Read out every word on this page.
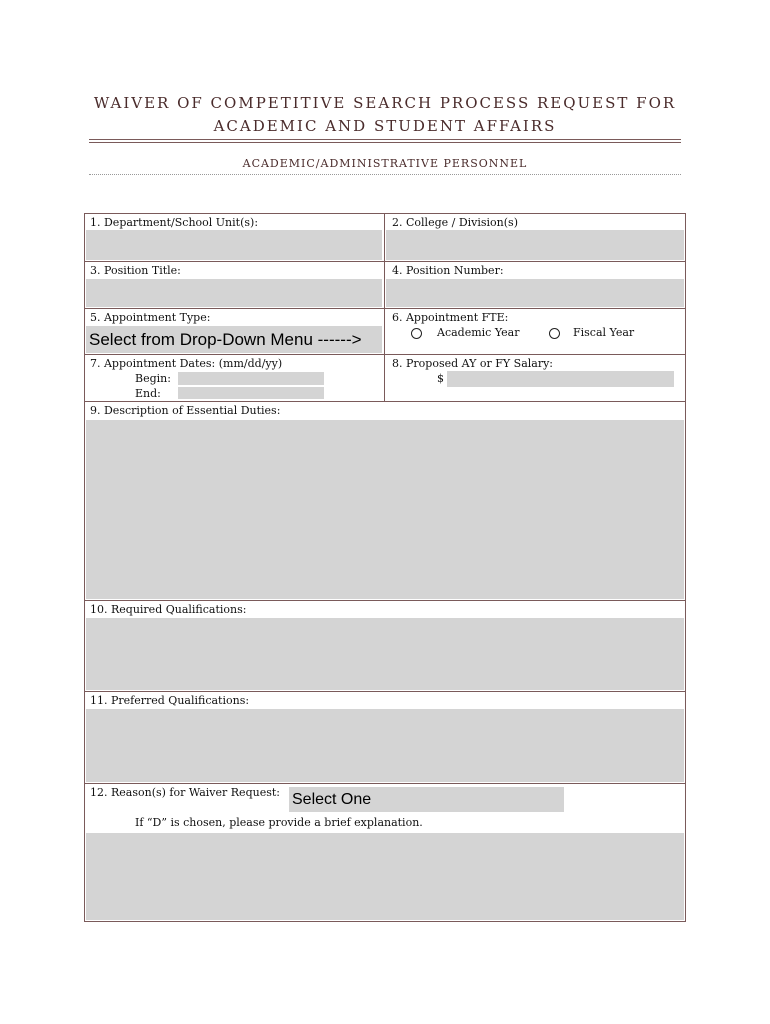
WAIVER OF COMPETITIVE SEARCH PROCESS REQUEST FOR
ACADEMIC AND STUDENT AFFAIRS
ACADEMIC/ADMINISTRATIVE PERSONNEL
1. Department/School Unit(s):	2. College / Division(s)
3. Position Title:	4. Position Number:
5. Appointment Type:
Select from Drop-Down Menu ------>
6. Appointment FTE:
Academic Year	Fiscal Year
7. Appointment Dates: (mm/dd/yy)
Begin:
End:
8. Proposed AY or FY Salary:
$
9. Description of Essential Duties:
10. Required Qualifications:
11. Preferred Qualifications:
12. Reason(s) for Waiver Request: Select One
If “D” is chosen, please provide a brief explanation.
